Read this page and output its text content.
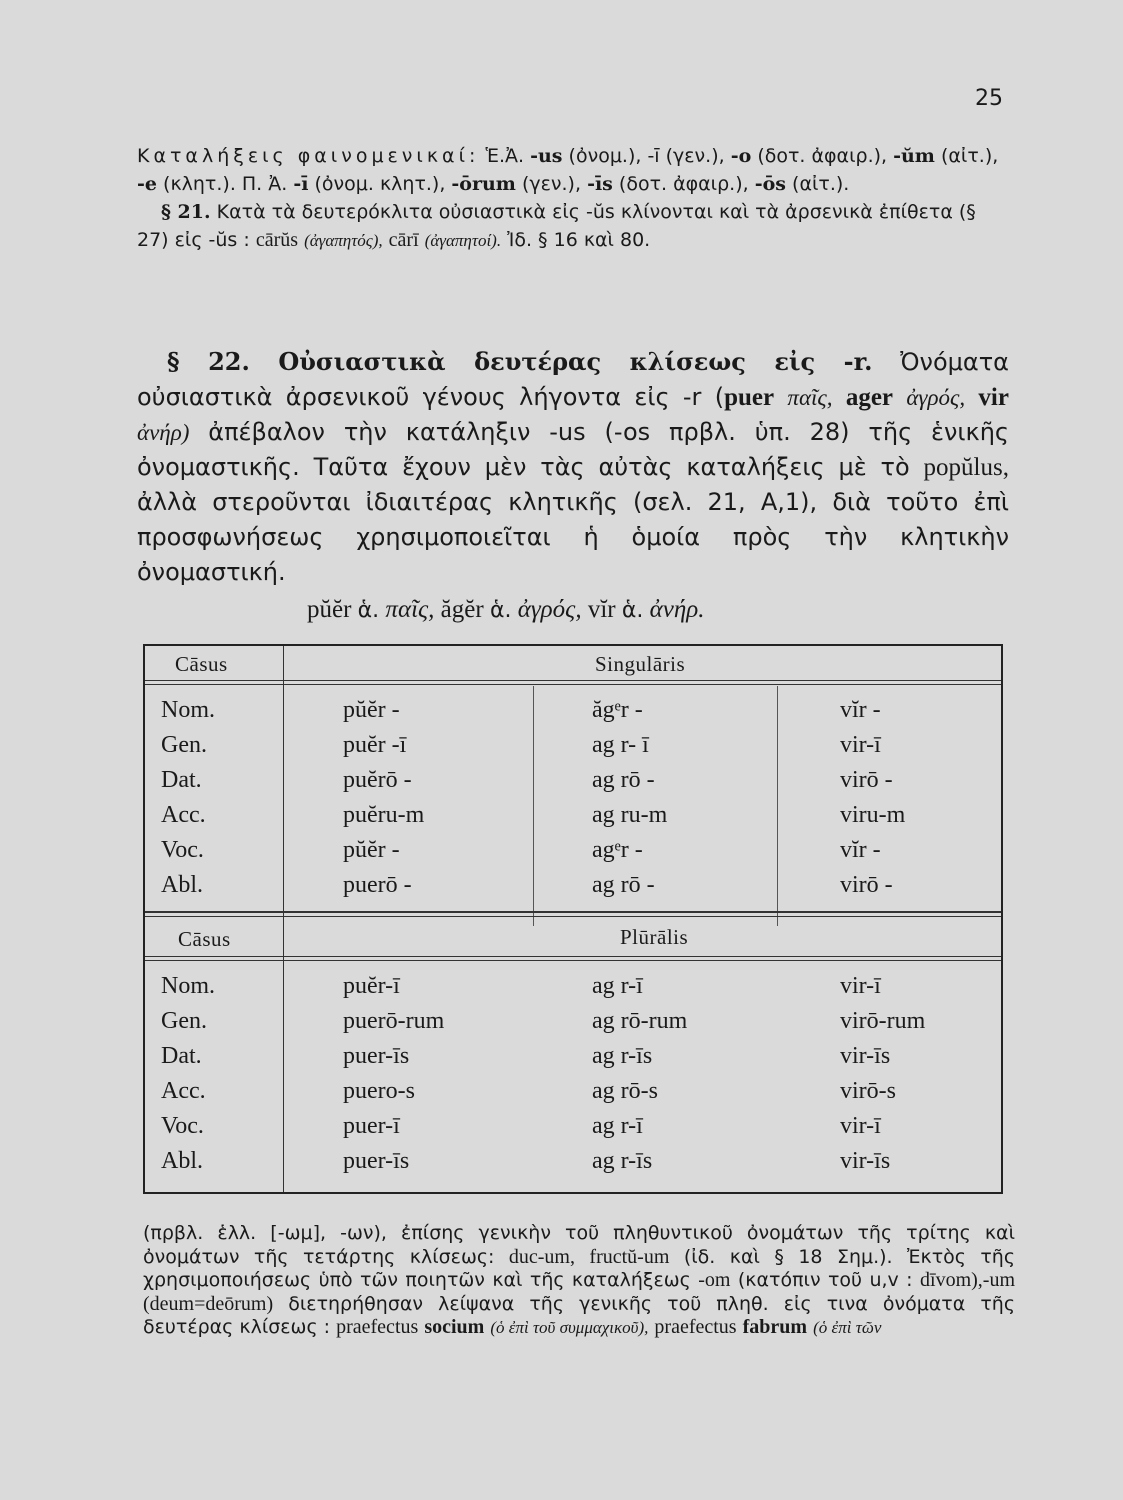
25

Καταλήξεις φαινομενικαί: Ἑ.Ἀ. -us (ὀνομ.), -ī (γεν.), -o (δοτ. ἀφαιρ.), -ŭm (αἰτ.), -e (κλητ.). Π. Ἀ. -ī (ὀνομ. κλητ.), -ōrum (γεν.), -īs (δοτ. ἀφαιρ.), -ōs (αἰτ.).

§ 21. Κατὰ τὰ δευτερόκλιτα οὐσιαστικὰ εἰς -ŭs κλίνονται καὶ τὰ ἀρσενικὰ ἐπίθετα (§ 27) εἰς -ŭs : cārŭs (ἀγαπητός), cārī (ἀγαπητοί). Ἰδ. § 16 καὶ 80.

§ 22. Οὐσιαστικὰ δευτέρας κλίσεως εἰς -r. Ὀνόματα οὐσιαστικὰ ἀρσενικοῦ γένους λήγοντα εἰς -r (puer παῖς, ager ἀγρός, vir ἀνήρ) ἀπέβαλον τὴν κατάληξιν -us (-os πρβλ. ὑπ. 28) τῆς ἑνικῆς ὀνομαστικῆς. Ταῦτα ἔχουν μὲν τὰς αὐτὰς καταλήξεις μὲ τὸ popŭlus, ἀλλὰ στεροῦνται ἰδιαιτέρας κλητικῆς (σελ. 21, Α,1), διὰ τοῦτο ἐπὶ προσφωνήσεως χρησιμοποιεῖται ἡ ὁμοία πρὸς τὴν κλητικὴν ὀνομαστική.

pŭĕr ἁ. παῖς, ăgĕr ἁ. ἀγρός, vĭr ἁ. ἀνήρ.
Cāsus	Singulāris
Nom.	pŭĕr -	ăgᵉr -	vĭr -
Gen.	puĕr -ī	ag r- ī	vir-ī
Dat.	puĕrō -	ag rō -	virō -
Acc.	puĕru-m	ag ru-m	viru-m
Voc.	pŭĕr -	agᵉr -	vĭr -
Abl.	puerō -	ag rō -	virō -
Cāsus	Plūrālis
Nom.	puĕr-ī	ag r-ī	vir-ī
Gen.	puerō-rum	ag rō-rum	virō-rum
Dat.	puer-īs	ag r-īs	vir-īs
Acc.	puero-s	ag rō-s	virō-s
Voc.	puer-ī	ag r-ī	vir-ī
Abl.	puer-īs	ag r-īs	vir-īs

(πρβλ. ἑλλ. [-ωμ], -ων), ἐπίσης γενικὴν τοῦ πληθυντικοῦ ὀνομάτων τῆς τρίτης καὶ ὀνομάτων τῆς τετάρτης κλίσεως: duc-um, fructŭ-um (ἰδ. καὶ § 18 Σημ.). Ἐκτὸς τῆς χρησιμοποιήσεως ὑπὸ τῶν ποιητῶν καὶ τῆς καταλήξεως -om (κατόπιν τοῦ u,v : dīvom),-um (deum=deōrum) διετηρήθησαν λείψανα τῆς γενικῆς τοῦ πληθ. εἰς τινα ὀνόματα τῆς δευτέρας κλίσεως : praefectus socium (ὁ ἐπὶ τοῦ συμμαχικοῦ), praefectus fabrum (ὁ ἐπὶ τῶν
